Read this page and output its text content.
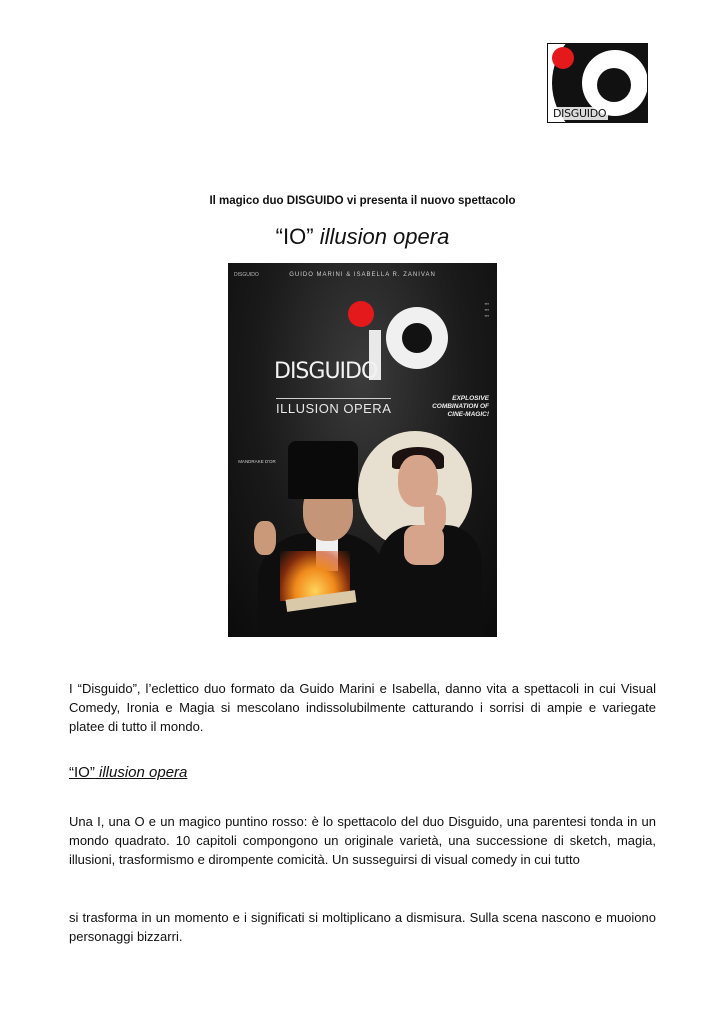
DISGUIDO
Il magico duo DISGUIDO vi presenta il nuovo spettacolo
“IO” illusion opera
DISGUIDO	GUIDO MARINI & ISABELLA R. ZANIVAN
▪▪▪
▪▪▪
▪▪▪
DISGUIDO
ILLUSION OPERA
EXPLOSIVE COMBINATION OF CINE-MAGIC!
MANDRAKE D'OR
I “Disguido”, l’eclettico duo formato da Guido Marini e Isabella, danno vita a spettacoli in cui Visual Comedy, Ironia e Magia si mescolano indissolubilmente catturando i sorrisi di ampie e variegate platee di tutto il mondo.
“IO” illusion opera
Una I, una O e un magico puntino rosso: è lo spettacolo del duo Disguido, una parentesi tonda in un mondo quadrato. 10 capitoli compongono un originale varietà, una successione di sketch, magia, illusioni, trasformismo e dirompente comicità. Un susseguirsi di visual comedy in cui tutto
si trasforma in un momento e i significati si moltiplicano a dismisura. Sulla scena nascono e muoiono personaggi bizzarri.
